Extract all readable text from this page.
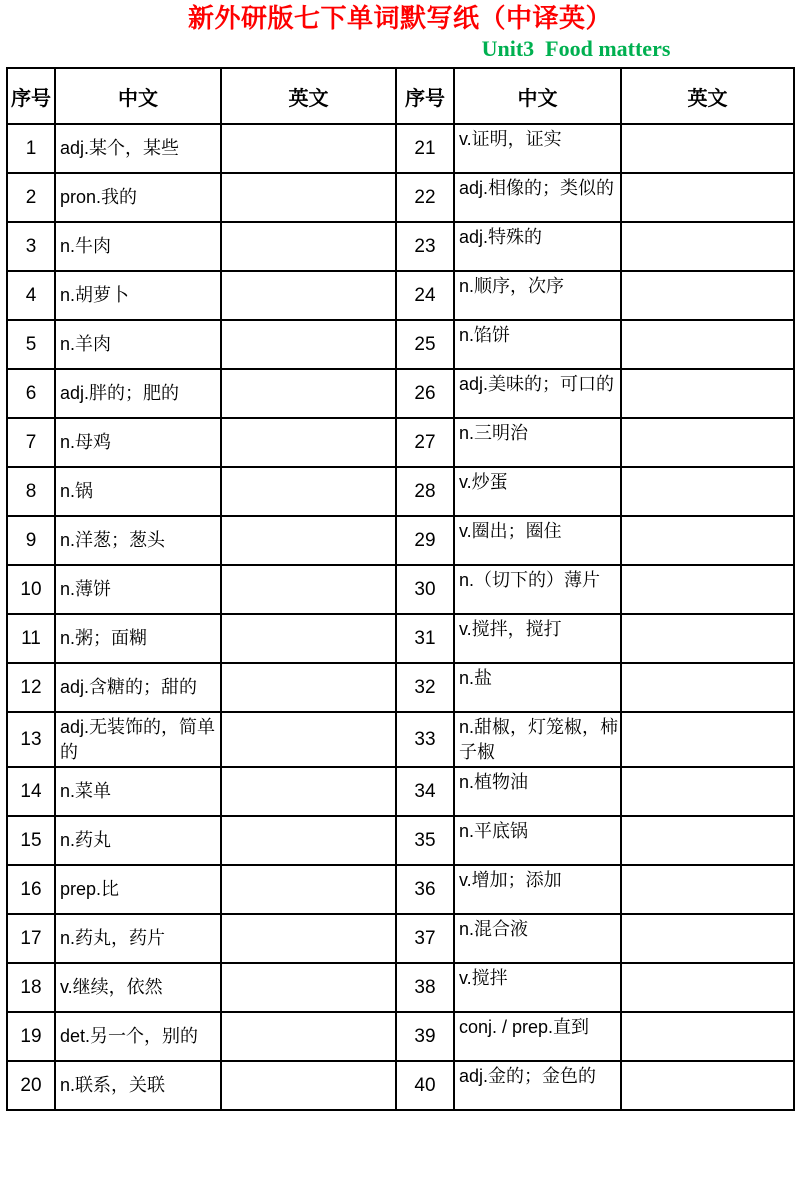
新外研版七下单词默写纸（中译英）
Unit3  Food matters
序号	中文	英文	序号	中文	英文
1	adj.某个，某些		21	v.证明，证实	
2	pron.我的		22	adj.相像的；类似的	
3	n.牛肉		23	adj.特殊的	
4	n.胡萝卜		24	n.顺序，次序	
5	n.羊肉		25	n.馅饼	
6	adj.胖的；肥的		26	adj.美味的；可口的	
7	n.母鸡		27	n.三明治	
8	n.锅		28	v.炒蛋	
9	n.洋葱；葱头		29	v.圈出；圈住	
10	n.薄饼		30	n.（切下的）薄片	
11	n.粥；面糊		31	v.搅拌，搅打	
12	adj.含糖的；甜的		32	n.盐	
13	adj.无装饰的，简单的		33	n.甜椒，灯笼椒，柿子椒	
14	n.菜单		34	n.植物油	
15	n.药丸		35	n.平底锅	
16	prep.比		36	v.增加；添加	
17	n.药丸，药片		37	n.混合液	
18	v.继续，依然		38	v.搅拌	
19	det.另一个，别的		39	conj. / prep.直到	
20	n.联系，关联		40	adj.金的；金色的	
